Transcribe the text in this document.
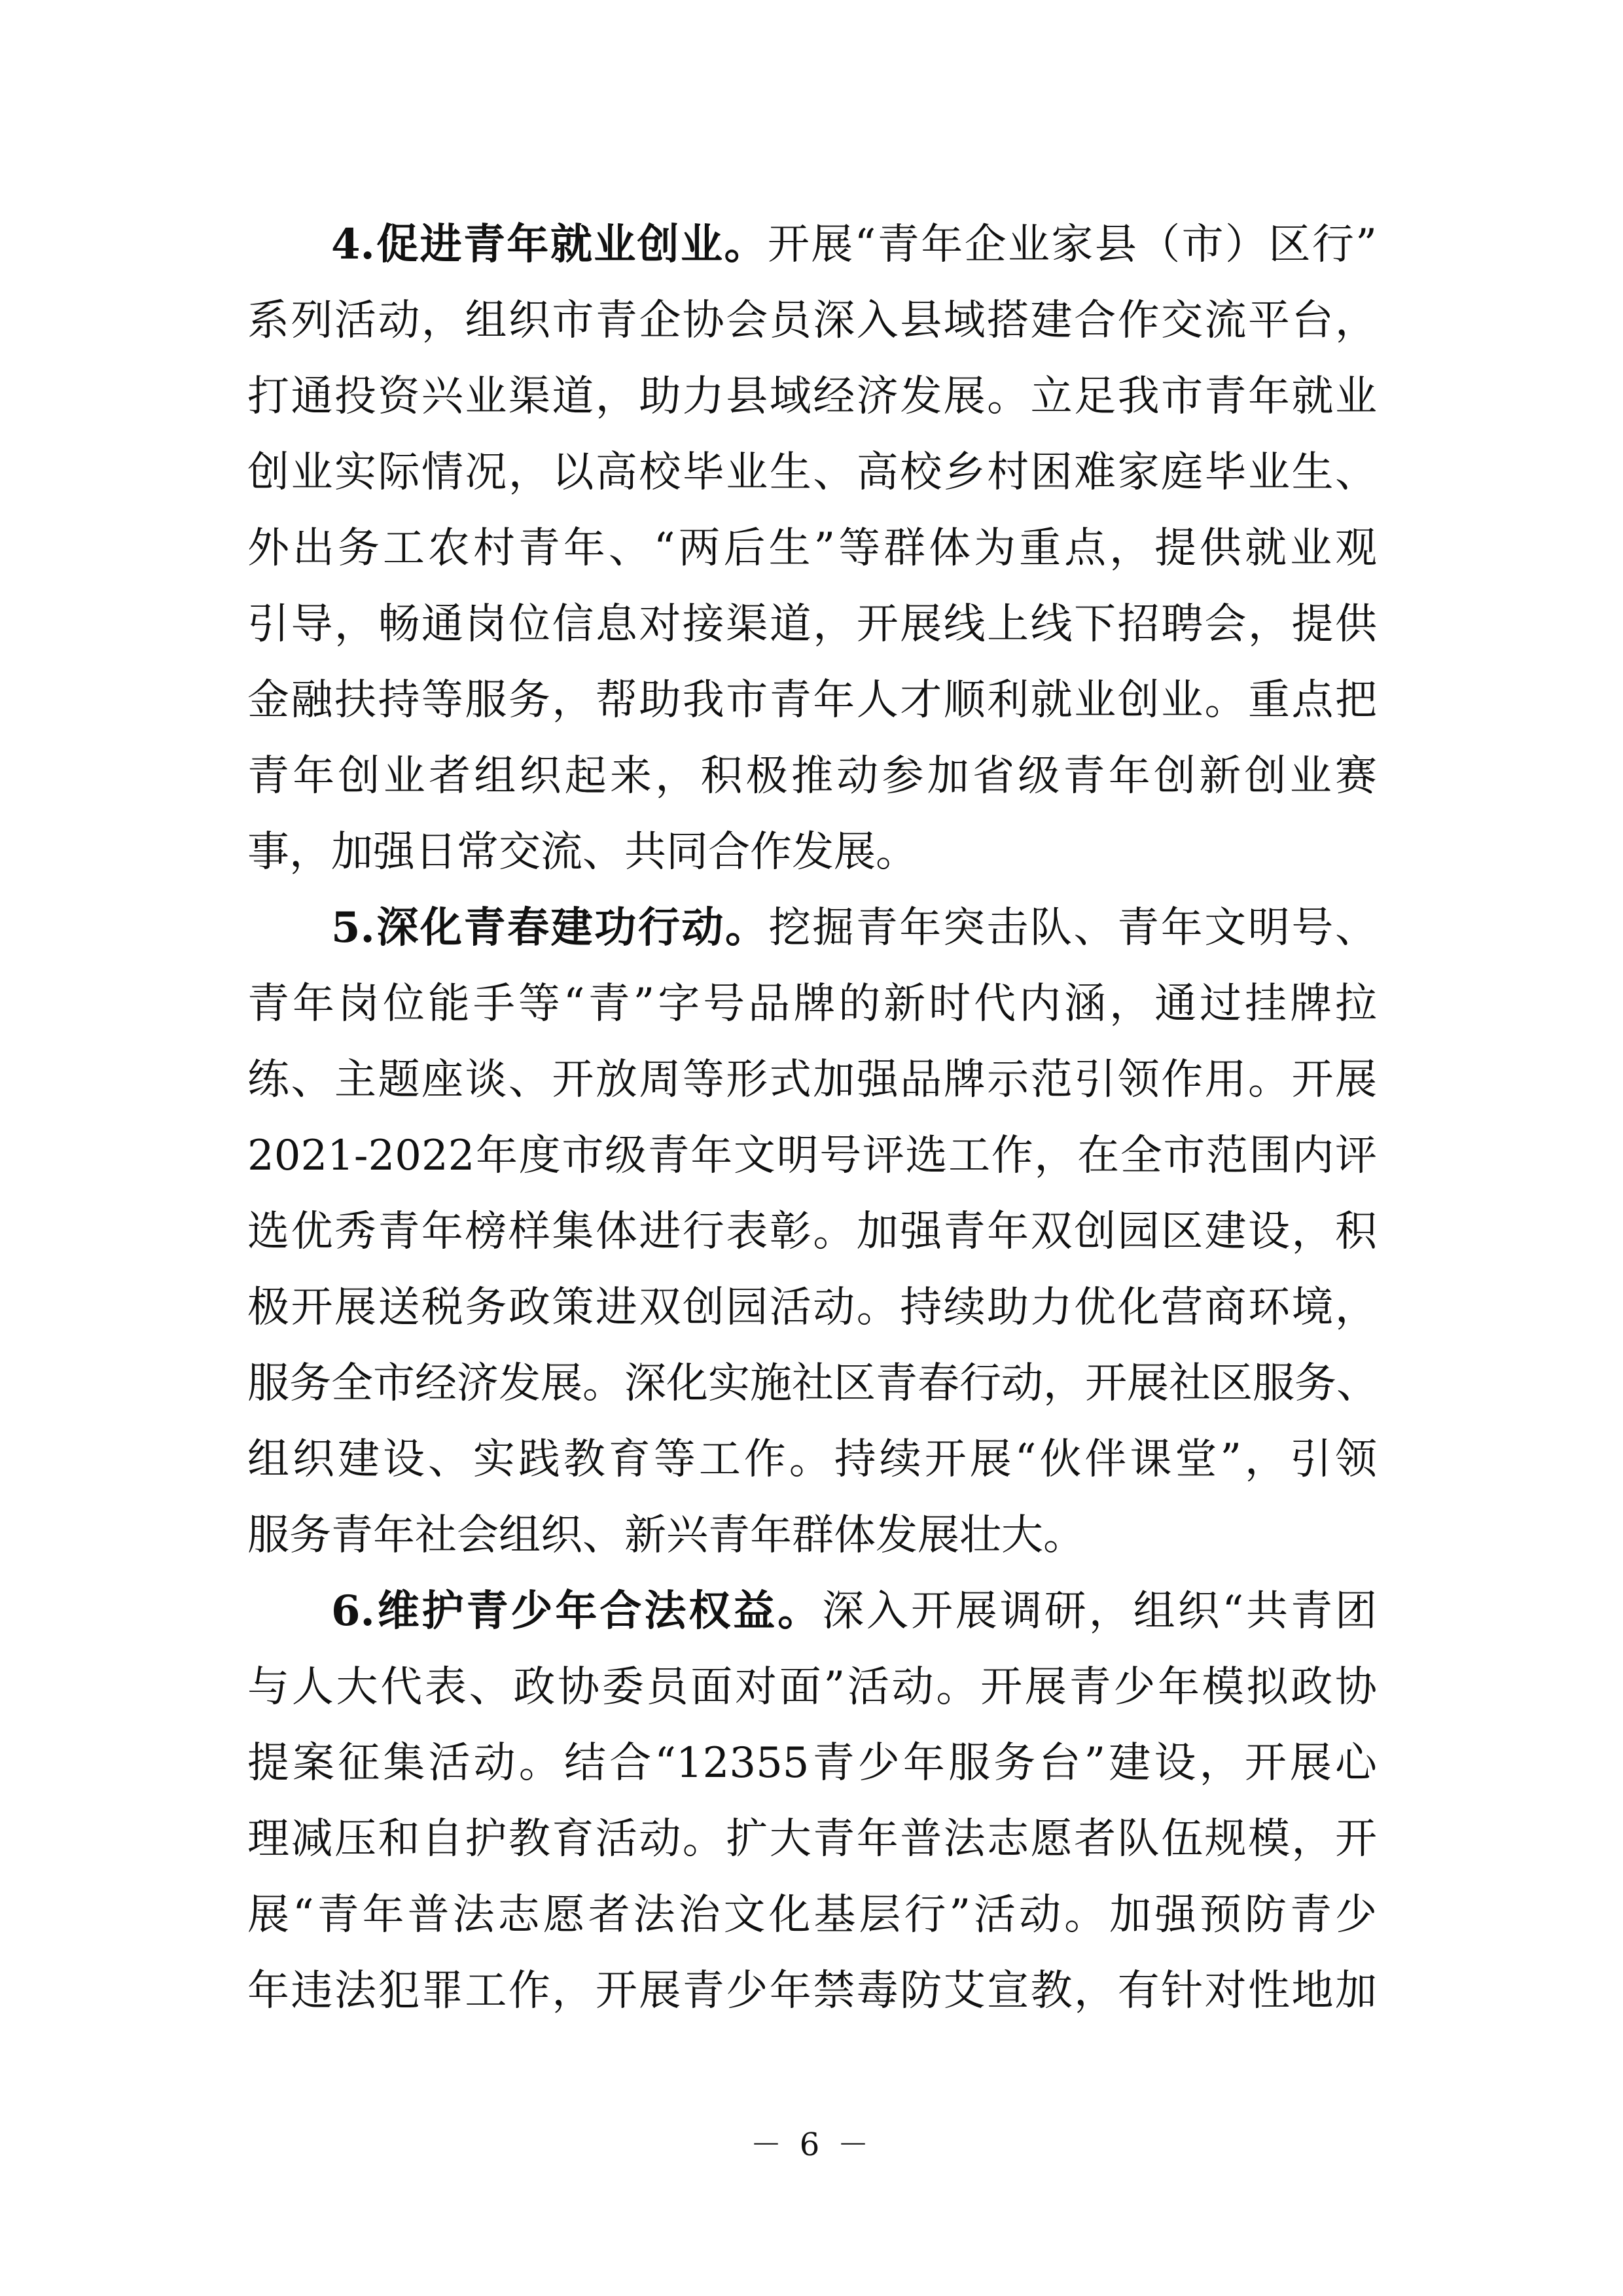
4.促进青年就业创业。开展“青年企业家县（市）区行”
系列活动，组织市青企协会员深入县域搭建合作交流平台，
打通投资兴业渠道，助力县域经济发展。立足我市青年就业
创业实际情况，以高校毕业生、高校乡村困难家庭毕业生、
外出务工农村青年、“两后生”等群体为重点，提供就业观
引导，畅通岗位信息对接渠道，开展线上线下招聘会，提供
金融扶持等服务，帮助我市青年人才顺利就业创业。重点把
青年创业者组织起来，积极推动参加省级青年创新创业赛
事，加强日常交流、共同合作发展。
5.深化青春建功行动。挖掘青年突击队、青年文明号、
青年岗位能手等“青”字号品牌的新时代内涵，通过挂牌拉
练、主题座谈、开放周等形式加强品牌示范引领作用。开展
2021-2022年度市级青年文明号评选工作，在全市范围内评
选优秀青年榜样集体进行表彰。加强青年双创园区建设，积
极开展送税务政策进双创园活动。持续助力优化营商环境，
服务全市经济发展。深化实施社区青春行动，开展社区服务、
组织建设、实践教育等工作。持续开展“伙伴课堂”，引领
服务青年社会组织、新兴青年群体发展壮大。
6.维护青少年合法权益。深入开展调研，组织“共青团
与人大代表、政协委员面对面”活动。开展青少年模拟政协
提案征集活动。结合“12355青少年服务台”建设，开展心
理减压和自护教育活动。扩大青年普法志愿者队伍规模，开
展“青年普法志愿者法治文化基层行”活动。加强预防青少
年违法犯罪工作，开展青少年禁毒防艾宣教，有针对性地加
－ 6 －
